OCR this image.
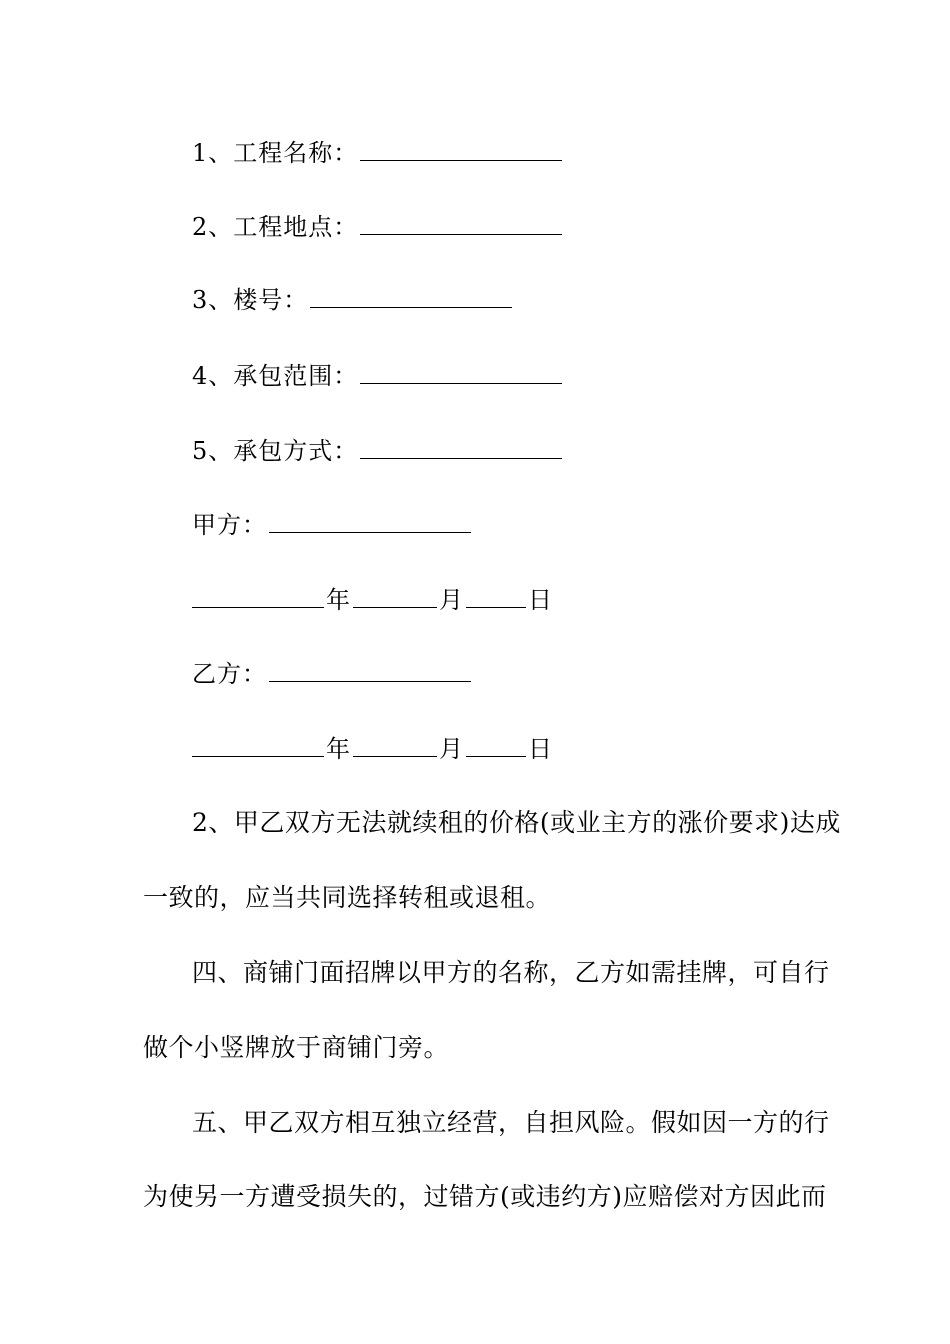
1、工程名称：
2、工程地点：
3、楼号：
4、承包范围：
5、承包方式：
甲方：
年	月	日
乙方：
年	月	日
2、甲乙双方无法就续租的价格(或业主方的涨价要求)达成
一致的，应当共同选择转租或退租。
四、商铺门面招牌以甲方的名称，乙方如需挂牌，可自行
做个小竖牌放于商铺门旁。
五、甲乙双方相互独立经营，自担风险。假如因一方的行
为使另一方遭受损失的，过错方(或违约方)应赔偿对方因此而
